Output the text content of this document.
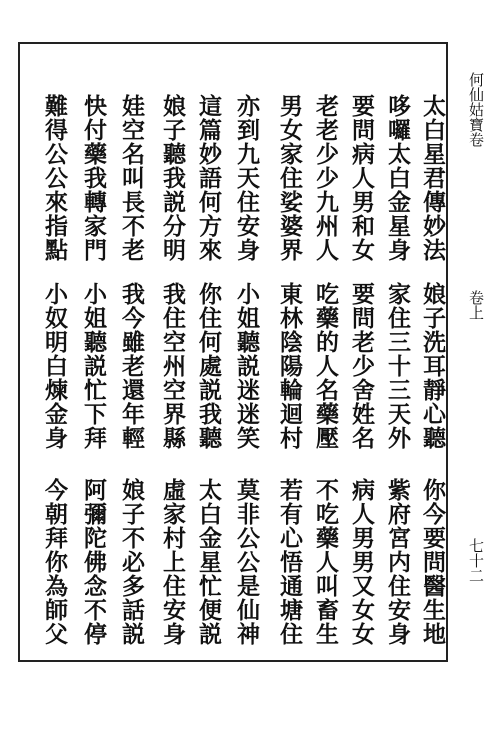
何仙姑寶卷
卷上
七十二
太白星君傳妙法
娘子洗耳靜心聽
你今要問醫生地
哆囉太白金星身
家住三十三天外
紫府宮内住安身
要問病人男和女
要問老少舍姓名
病人男男又女女
老老少少九州人
吃藥的人名藥壓
不吃藥人叫畜生
男女家住娑婆界
東林陰陽輪迴村
若有心悟通塘住
亦到九天住安身
小姐聽説迷迷笑
莫非公公是仙神
這篇妙語何方來
你住何處説我聽
太白金星忙便説
娘子聽我説分明
我住空州空界縣
虛家村上住安身
娃空名叫長不老
我今雖老還年輕
娘子不必多話説
快付藥我轉家門
小姐聽説忙下拜
阿彌陀佛念不停
難得公公來指點
小奴明白煉金身
今朝拜你為師父
